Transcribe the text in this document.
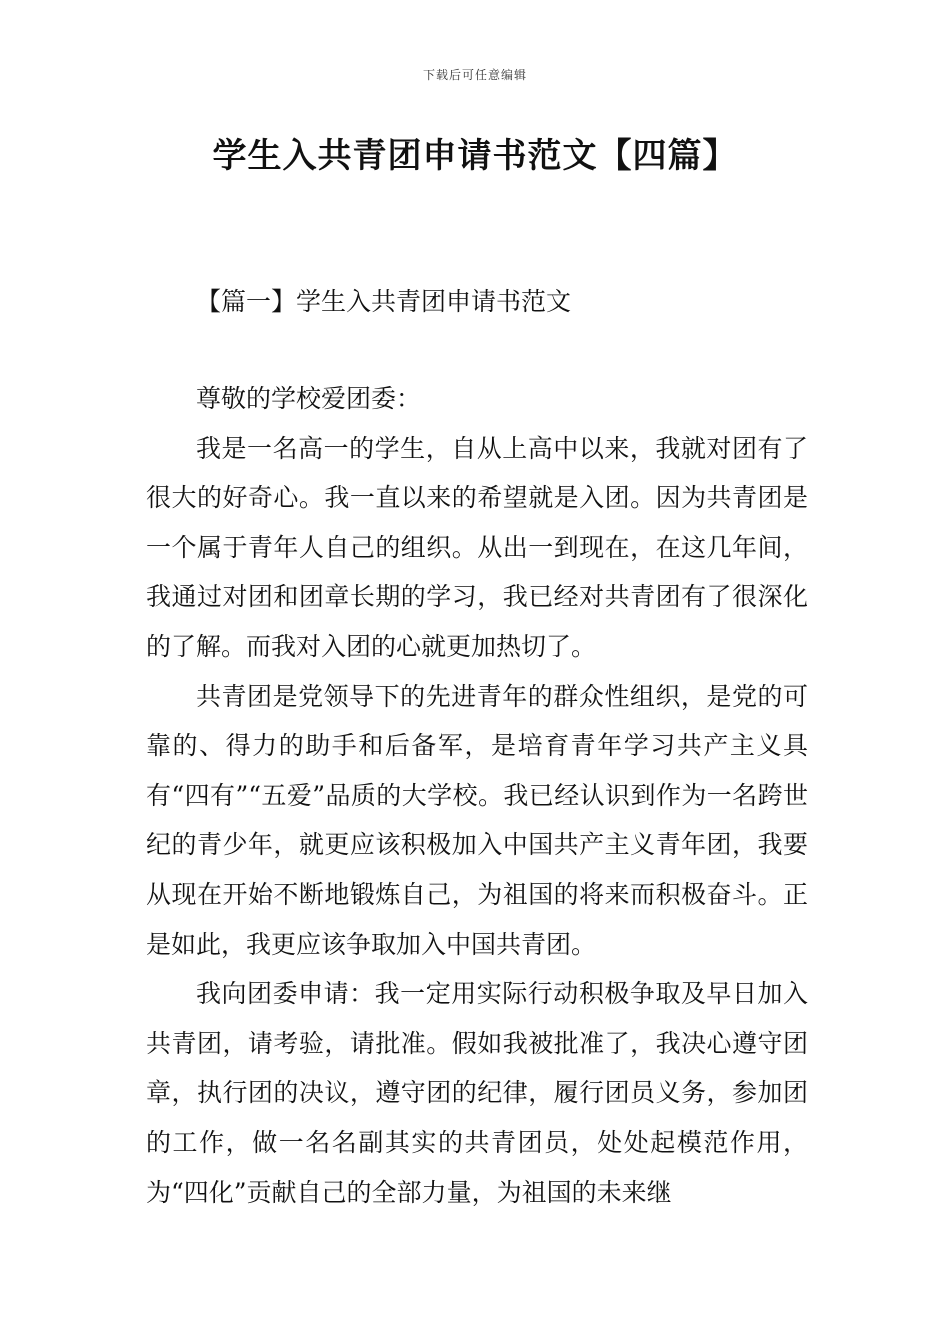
下载后可任意编辑
学生入共青团申请书范文【四篇】
【篇一】学生入共青团申请书范文

尊敬的学校爱团委：

我是一名高一的学生，自从上高中以来，我就对团有了很大的好奇心。我一直以来的希望就是入团。因为共青团是一个属于青年人自己的组织。从出一到现在，在这几年间，我通过对团和团章长期的学习，我已经对共青团有了很深化的了解。而我对入团的心就更加热切了。

共青团是党领导下的先进青年的群众性组织，是党的可靠的、得力的助手和后备军，是培育青年学习共产主义具有“四有”“五爱”品质的大学校。我已经认识到作为一名跨世纪的青少年，就更应该积极加入中国共产主义青年团，我要从现在开始不断地锻炼自己，为祖国的将来而积极奋斗。正是如此，我更应该争取加入中国共青团。

我向团委申请：我一定用实际行动积极争取及早日加入共青团，请考验，请批准。假如我被批准了，我决心遵守团章，执行团的决议，遵守团的纪律，履行团员义务，参加团的工作，做一名名副其实的共青团员，处处起模范作用，为“四化”贡献自己的全部力量，为祖国的未来继
